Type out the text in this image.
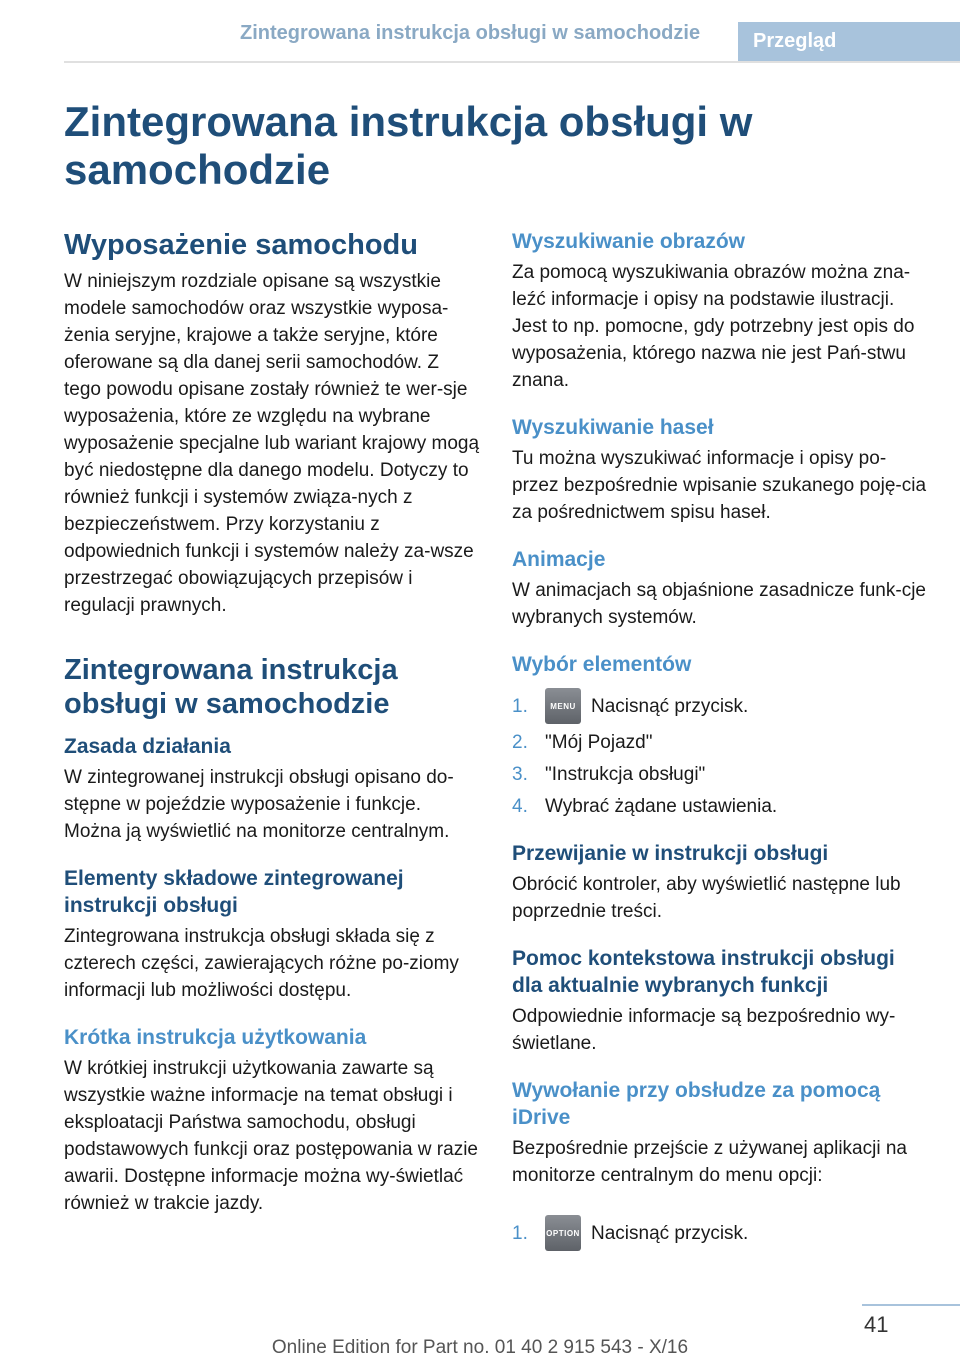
Zintegrowana instrukcja obsługi w samochodzie	Przegląd
Zintegrowana instrukcja obsługi w samochodzie
Wyposażenie samochodu
W niniejszym rozdziale opisane są wszystkie modele samochodów oraz wszystkie wyposa-żenia seryjne, krajowe a także seryjne, które oferowane są dla danej serii samochodów. Z tego powodu opisane zostały również te wer-sje wyposażenia, które ze względu na wybrane wyposażenie specjalne lub wariant krajowy mogą być niedostępne dla danego modelu. Dotyczy to również funkcji i systemów związa-nych z bezpieczeństwem. Przy korzystaniu z odpowiednich funkcji i systemów należy za-wsze przestrzegać obowiązujących przepisów i regulacji prawnych.
Zintegrowana instrukcja obsługi w samochodzie
Zasada działania
W zintegrowanej instrukcji obsługi opisano do-stępne w pojeździe wyposażenie i funkcje. Można ją wyświetlić na monitorze centralnym.
Elementy składowe zintegrowanej instrukcji obsługi
Zintegrowana instrukcja obsługi składa się z czterech części, zawierających różne po-ziomy informacji lub możliwości dostępu.
Krótka instrukcja użytkowania
W krótkiej instrukcji użytkowania zawarte są wszystkie ważne informacje na temat obsługi i eksploatacji Państwa samochodu, obsługi podstawowych funkcji oraz postępowania w razie awarii. Dostępne informacje można wy-świetlać również w trakcie jazdy.
Wyszukiwanie obrazów
Za pomocą wyszukiwania obrazów można zna-leźć informacje i opisy na podstawie ilustracji. Jest to np. pomocne, gdy potrzebny jest opis do wyposażenia, którego nazwa nie jest Pań-stwu znana.
Wyszukiwanie haseł
Tu można wyszukiwać informacje i opisy po-przez bezpośrednie wpisanie szukanego poję-cia za pośrednictwem spisu haseł.
Animacje
W animacjach są objaśnione zasadnicze funk-cje wybranych systemów.
Wybór elementów
1.	MENU Nacisnąć przycisk.
2. "Mój Pojazd"
3. "Instrukcja obsługi"
4. Wybrać żądane ustawienia.
Przewijanie w instrukcji obsługi
Obrócić kontroler, aby wyświetlić następne lub poprzednie treści.
Pomoc kontekstowa instrukcji obsługi dla aktualnie wybranych funkcji
Odpowiednie informacje są bezpośrednio wy-świetlane.
Wywołanie przy obsłudze za pomocą iDrive
Bezpośrednie przejście z używanej aplikacji na monitorze centralnym do menu opcji:
1.	OPTION Nacisnąć przycisk.
41
Online Edition for Part no. 01 40 2 915 543 - X/16
